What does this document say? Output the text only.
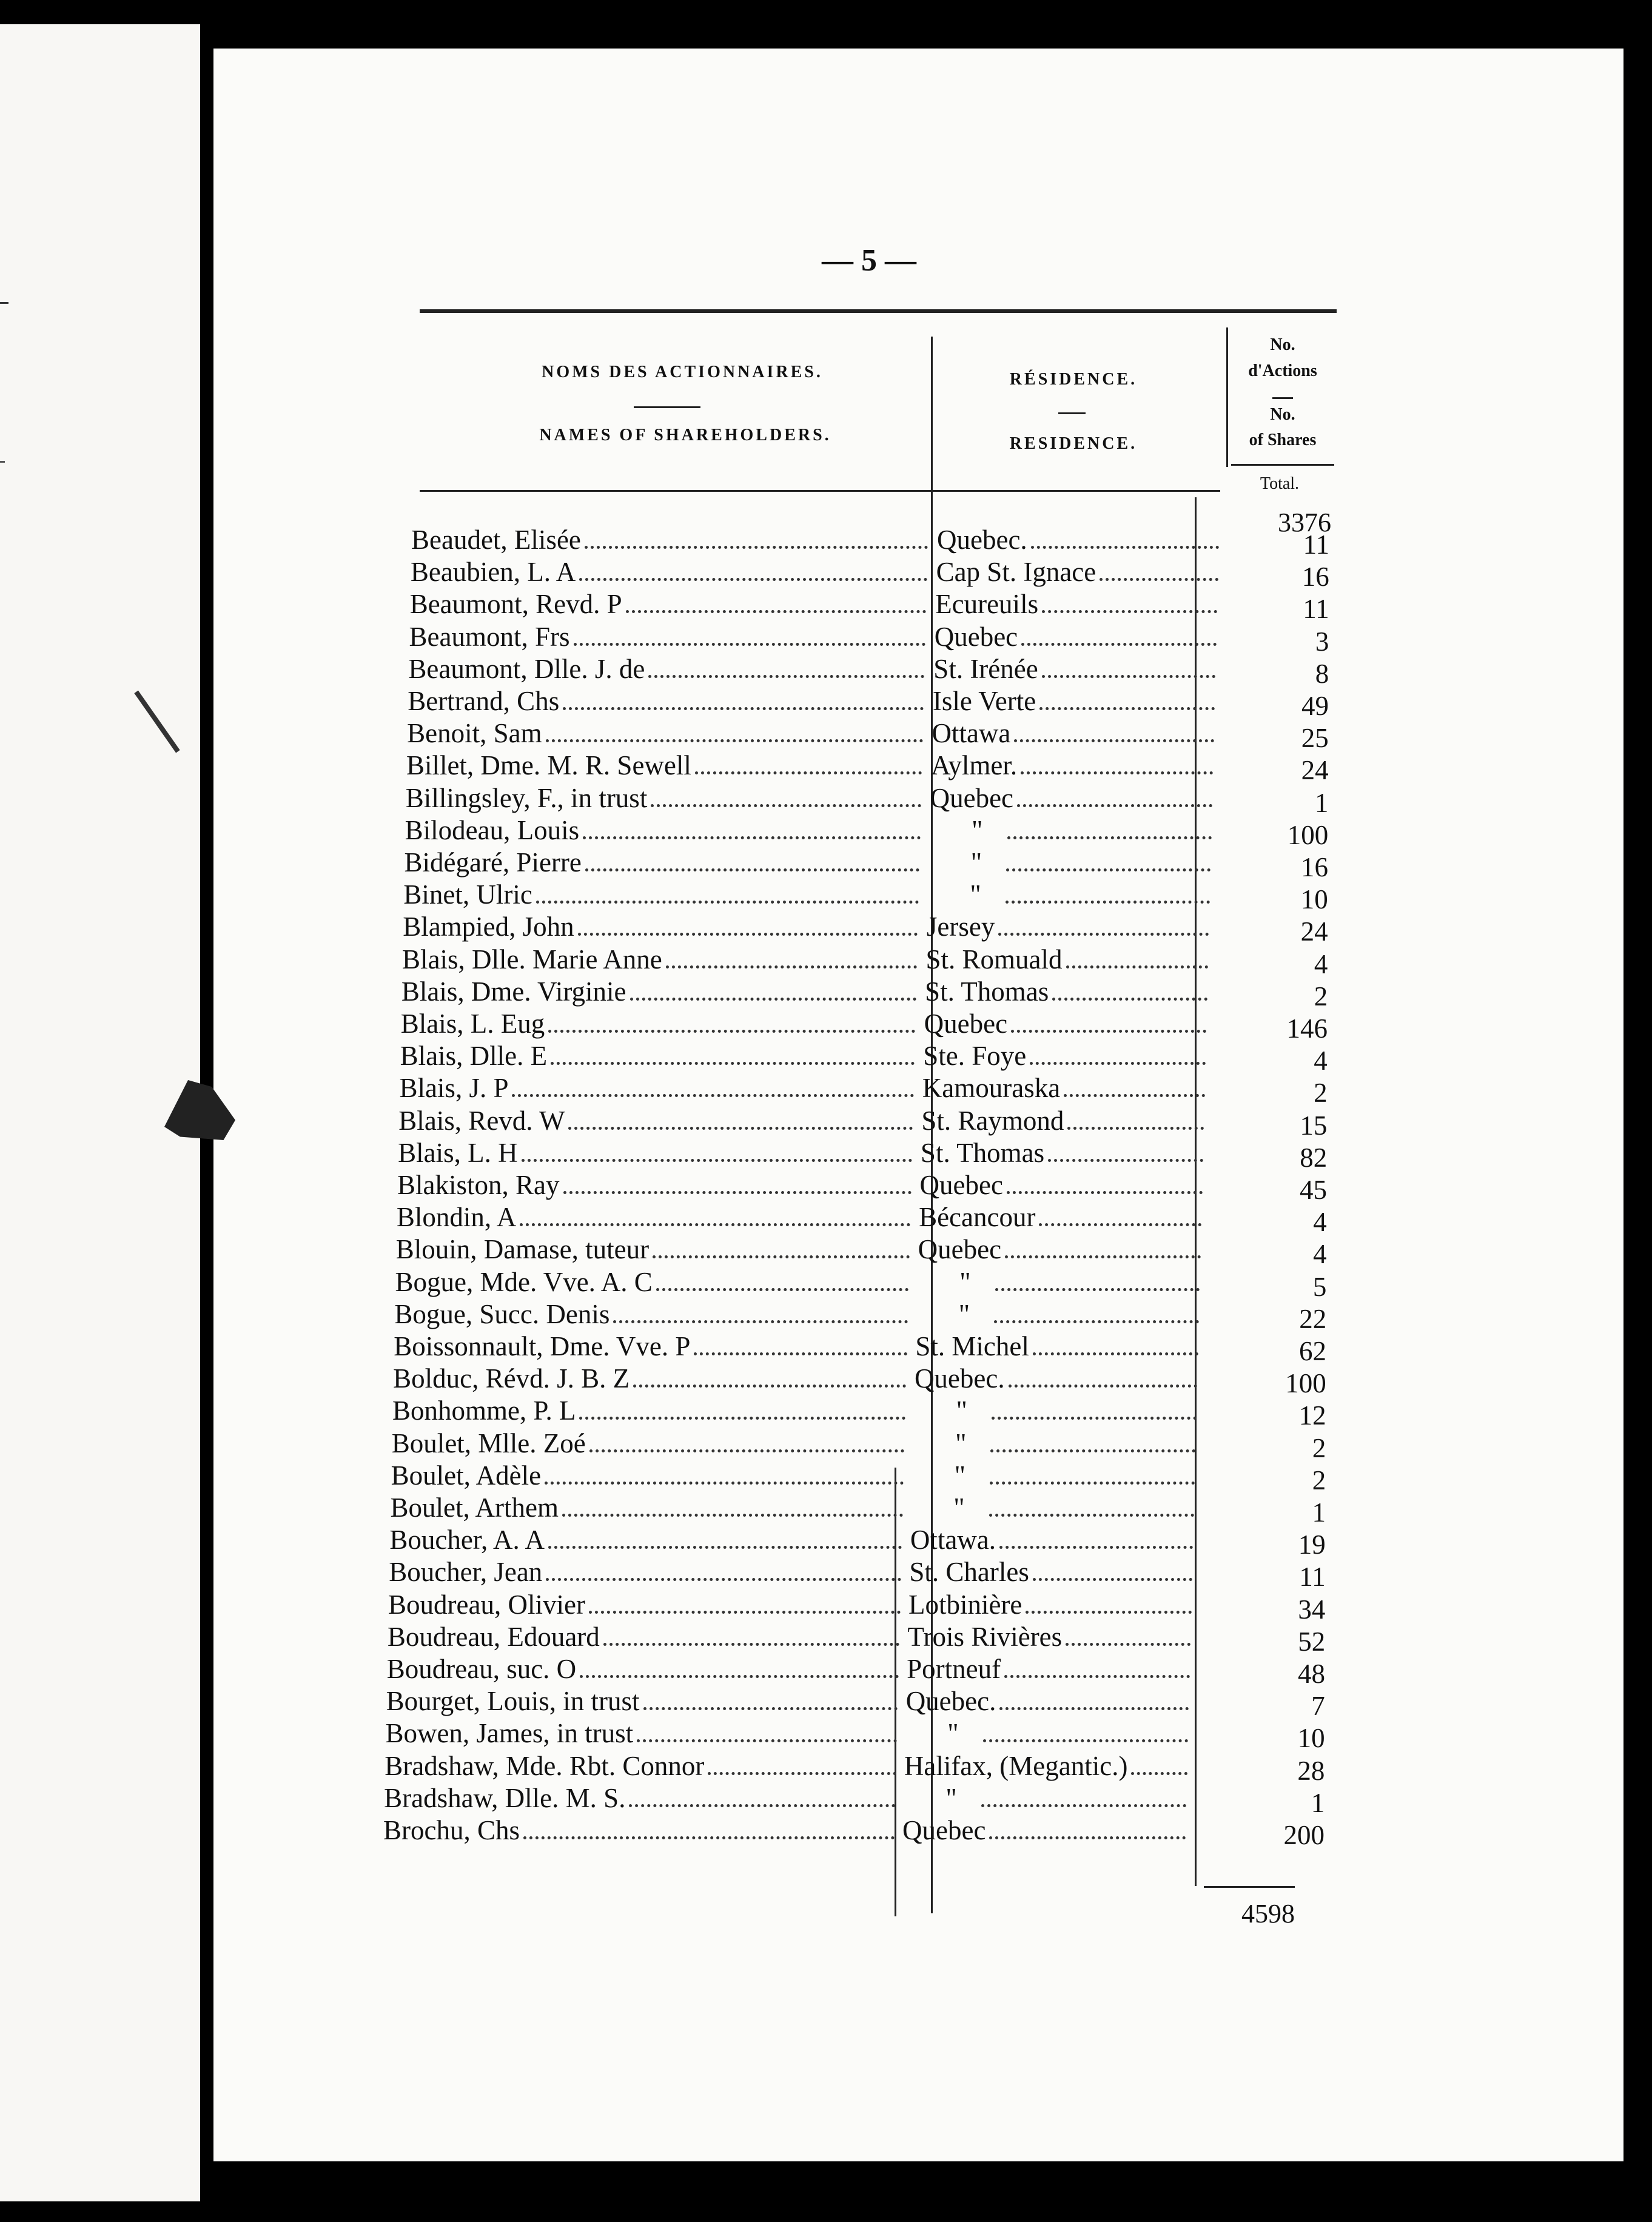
— 5 —
NOMS DES ACTIONNAIRES.
NAMES OF SHAREHOLDERS.
RÉSIDENCE.
RESIDENCE.
No.
d'Actions
No.
of Shares
Total.
3376
Beaudet, Elisée	Quebec.	11
Beaubien, L. A	Cap St. Ignace	16
Beaumont, Revd. P	Ecureuils	11
Beaumont, Frs	Quebec	3
Beaumont, Dlle. J. de	St. Irénée	8
Bertrand, Chs	Isle Verte	49
Benoit, Sam	Ottawa	25
Billet, Dme. M. R. Sewell	Aylmer.	24
Billingsley, F., in trust	Quebec	1
Bilodeau, Louis	"	100
Bidégaré, Pierre	"	16
Binet, Ulric	"	10
Blampied, John	Jersey	24
Blais, Dlle. Marie Anne	St. Romuald	4
Blais, Dme. Virginie	St. Thomas	2
Blais, L. Eug	Quebec	146
Blais, Dlle. E	Ste. Foye	4
Blais, J. P	Kamouraska	2
Blais, Revd. W	St. Raymond	15
Blais, L. H	St. Thomas	82
Blakiston, Ray	Quebec	45
Blondin, A	Bécancour	4
Blouin, Damase, tuteur	Quebec	4
Bogue, Mde. Vve. A. C	"	5
Bogue, Succ. Denis	"	22
Boissonnault, Dme. Vve. P	St. Michel	62
Bolduc, Révd. J. B. Z	Quebec.	100
Bonhomme, P. L	"	12
Boulet, Mlle. Zoé	"	2
Boulet, Adèle	"	2
Boulet, Arthem	"	1
Boucher, A. A	Ottawa.	19
Boucher, Jean	St. Charles	11
Boudreau, Olivier	Lotbinière	34
Boudreau, Edouard	Trois Rivières	52
Boudreau, suc. O	Portneuf	48
Bourget, Louis, in trust	Quebec.	7
Bowen, James, in trust	"	10
Bradshaw, Mde. Rbt. Connor	Halifax, (Megantic.)	28
Bradshaw, Dlle. M. S.	"	1
Brochu, Chs	Quebec	200
4598
